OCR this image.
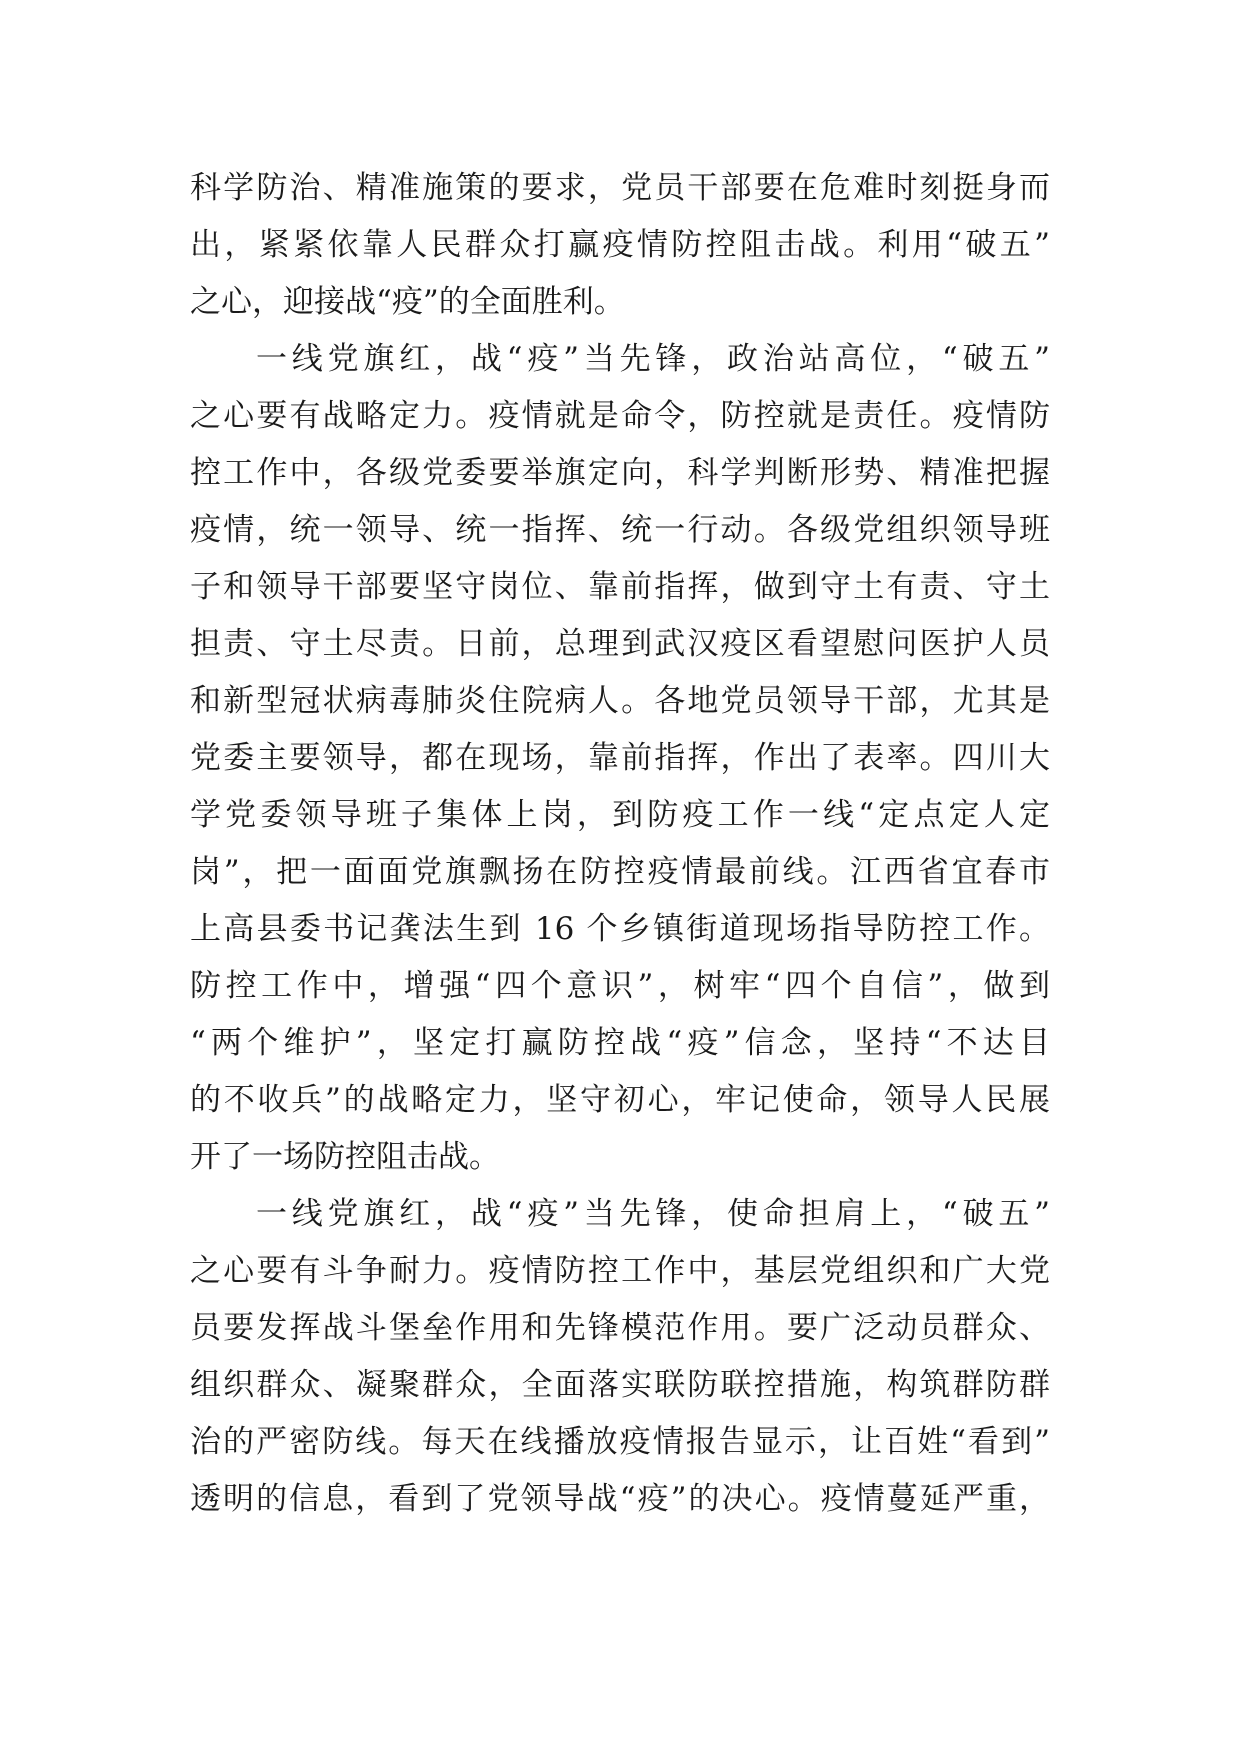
科学防治、精准施策的要求，党员干部要在危难时刻挺身而
出，紧紧依靠人民群众打赢疫情防控阻击战。利用“破五”
之心，迎接战“疫”的全面胜利。
一线党旗红，战“疫”当先锋，政治站高位，“破五”
之心要有战略定力。疫情就是命令，防控就是责任。疫情防
控工作中，各级党委要举旗定向，科学判断形势、精准把握
疫情，统一领导、统一指挥、统一行动。各级党组织领导班
子和领导干部要坚守岗位、靠前指挥，做到守土有责、守土
担责、守土尽责。日前，总理到武汉疫区看望慰问医护人员
和新型冠状病毒肺炎住院病人。各地党员领导干部，尤其是
党委主要领导，都在现场，靠前指挥，作出了表率。四川大
学党委领导班子集体上岗，到防疫工作一线“定点定人定
岗”，把一面面党旗飘扬在防控疫情最前线。江西省宜春市
上高县委书记龚法生到 16 个乡镇街道现场指导防控工作。
防控工作中，增强“四个意识”，树牢“四个自信”，做到
“两个维护”，坚定打赢防控战“疫”信念，坚持“不达目
的不收兵”的战略定力，坚守初心，牢记使命，领导人民展
开了一场防控阻击战。
一线党旗红，战“疫”当先锋，使命担肩上，“破五”
之心要有斗争耐力。疫情防控工作中，基层党组织和广大党
员要发挥战斗堡垒作用和先锋模范作用。要广泛动员群众、
组织群众、凝聚群众，全面落实联防联控措施，构筑群防群
治的严密防线。每天在线播放疫情报告显示，让百姓“看到”
透明的信息，看到了党领导战“疫”的决心。疫情蔓延严重，
